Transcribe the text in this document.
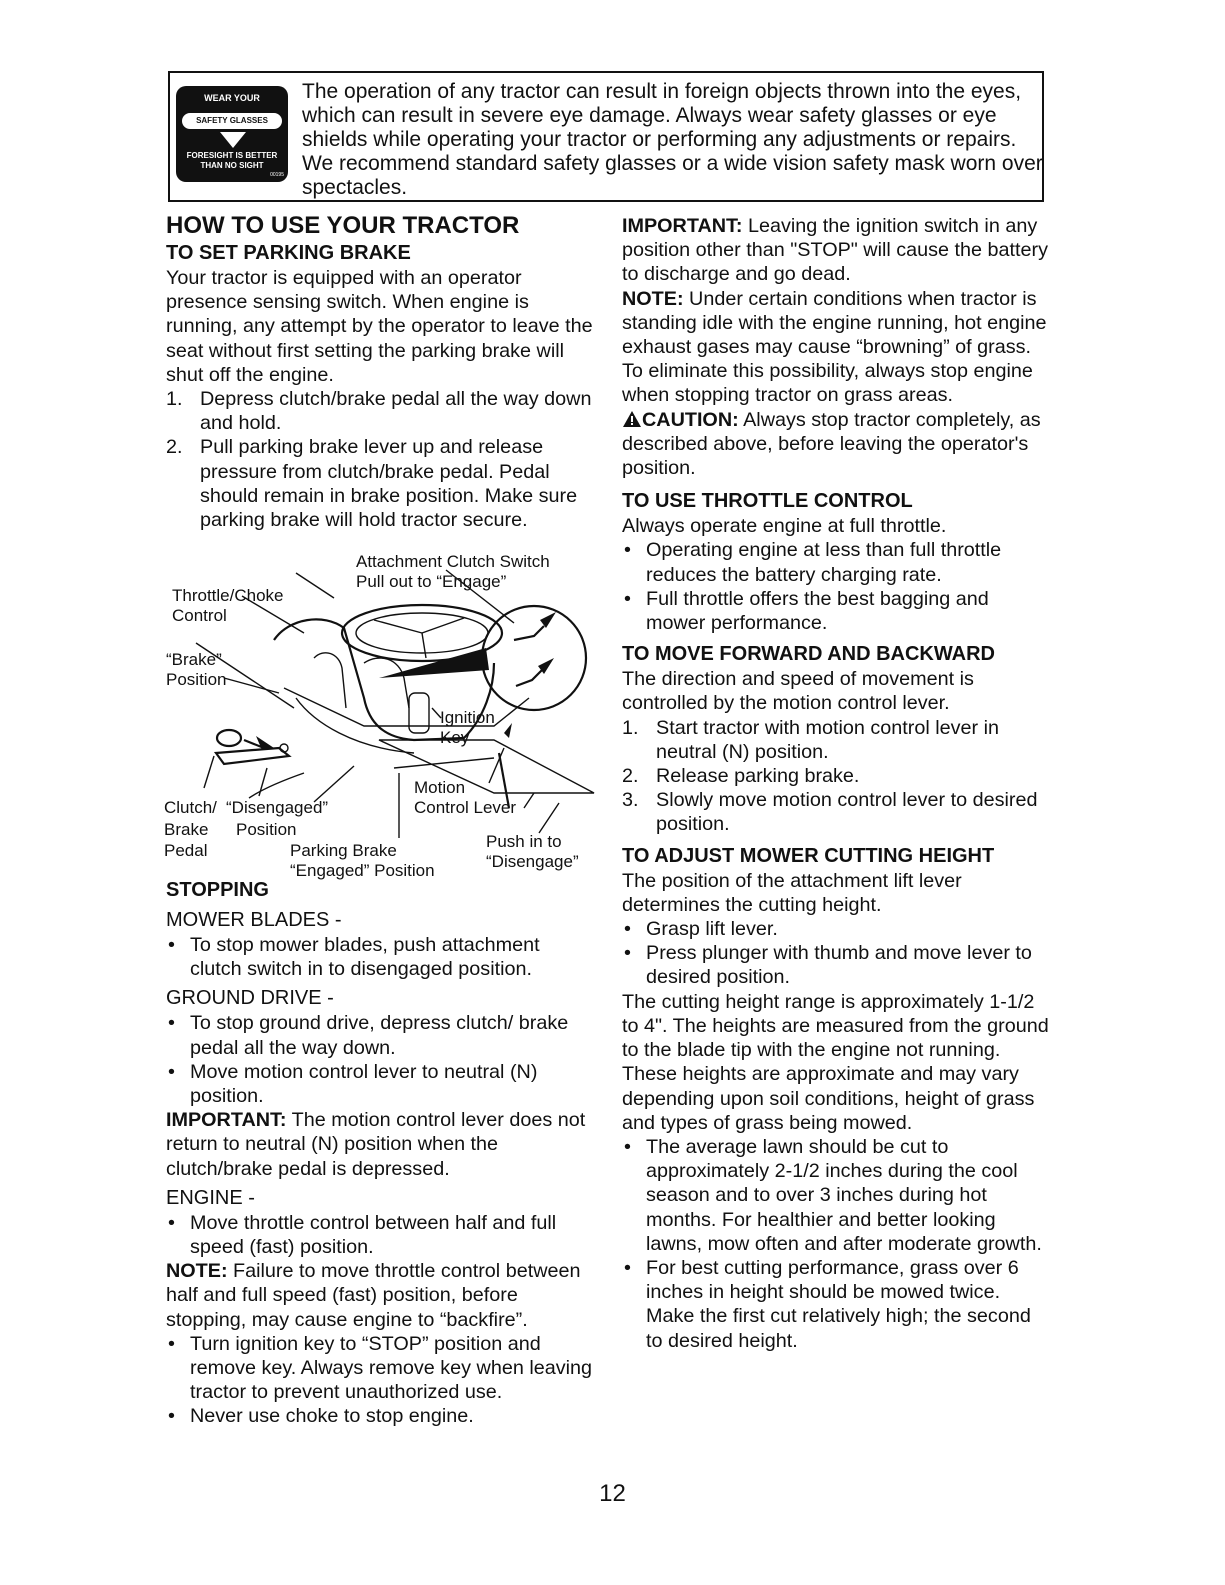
WEAR YOUR
SAFETY GLASSES
FORESIGHT IS BETTER
THAN NO SIGHT
00195
The operation of any tractor can result in foreign objects thrown into the eyes, which can result in severe eye damage. Always wear safety glasses or eye shields while operating your tractor or performing any adjustments or repairs. We recommend standard safety glasses or a wide vision safety mask worn over spectacles.

HOW TO USE YOUR TRACTOR

TO SET PARKING BRAKE

Your tractor is equipped with an operator presence sensing switch. When engine is running, any attempt by the operator to leave the seat without first setting the parking brake will shut off the engine.

1. Depress clutch/brake pedal all the way down and hold.
2. Pull parking brake lever up and release pressure from clutch/brake pedal. Pedal should remain in brake position. Make sure parking brake will hold tractor secure.
Attachment Clutch Switch
Pull out to “Engage”
Throttle/Choke
Control
“Brake”
Position
Ignition
Key
Motion
Control Lever
Clutch/
Brake
Pedal
“Disengaged”
Position
Parking Brake
“Engaged” Position
Push in to
“Disengage”

STOPPING

MOWER BLADES -

• To stop mower blades, push attachment clutch switch in to disengaged position.

GROUND DRIVE -

• To stop ground drive, depress clutch/ brake pedal all the way down.
• Move motion control lever to neutral (N) position.

IMPORTANT: The motion control lever does not return to neutral (N) position when the clutch/brake pedal is depressed.

ENGINE -

• Move throttle control between half and full speed (fast) position.

NOTE: Failure to move throttle control between half and full speed (fast) position, before stopping, may cause engine to “backfire”.

• Turn ignition key to “STOP” position and remove key. Always remove key when leaving tractor to prevent unauthorized use.
• Never use choke to stop engine.

IMPORTANT: Leaving the ignition switch in any position other than "STOP" will cause the battery to discharge and go dead.

NOTE: Under certain conditions when tractor is standing idle with the engine running, hot engine exhaust gases may cause “browning” of grass. To eliminate this possibility, always stop engine when stopping tractor on grass areas.

CAUTION: Always stop tractor completely, as described above, before leaving the operator's position.

TO USE THROTTLE CONTROL

Always operate engine at full throttle.

• Operating engine at less than full throttle reduces the battery charging rate.
• Full throttle offers the best bagging and mower performance.

TO MOVE FORWARD AND BACKWARD

The direction and speed of movement is controlled by the motion control lever.

1. Start tractor with motion control lever in neutral (N) position.
2. Release parking brake.
3. Slowly move motion control lever to desired position.

TO ADJUST MOWER CUTTING HEIGHT

The position of the attachment lift lever determines the cutting height.

• Grasp lift lever.
• Press plunger with thumb and move lever to desired position.

The cutting height range is approximately 1-1/2 to 4". The heights are measured from the ground to the blade tip with the engine not running. These heights are approximate and may vary depending upon soil conditions, height of grass and types of grass being mowed.

• The average lawn should be cut to approximately 2-1/2 inches during the cool season and to over 3 inches during hot months. For healthier and better looking lawns, mow often and after moderate growth.
• For best cutting performance, grass over 6 inches in height should be mowed twice. Make the first cut relatively high; the second to desired height.
12
